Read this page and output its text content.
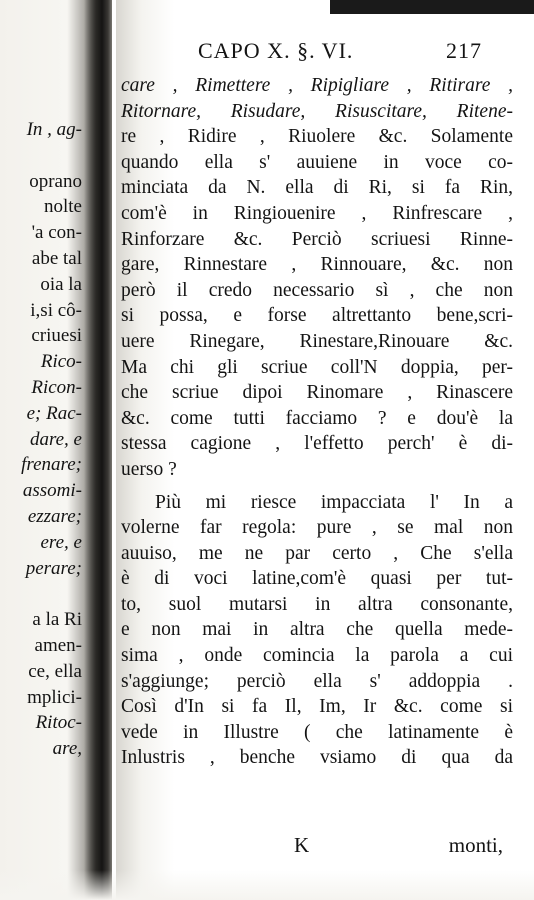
In , ag-
oprano
nolte
'a con-
abe tal
oia la
i,si cô-
criuesi
Rico-
Ricon-
e; Rac-
dare, e
frenare;
assomi-
ezzare;
ere, e
perare;
a la Ri
amen-
ce, ella
mplici-
Ritoc-
are,
CAPO X. §. VI.	217
care , Rimettere , Ripigliare , Ritirare ,
Ritornare, Risudare, Risuscitare, Ritene-
re , Ridire , Riuolere &c. Solamente
quando ella s' auuiene in voce co-
minciata da N. ella di Ri, si fa Rin,
com'è in Ringiouenire , Rinfrescare ,
Rinforzare &c. Perciò scriuesi Rinne-
gare, Rinnestare , Rinnouare, &c. non
però il credo necessario sì , che non
si possa, e forse altrettanto bene,scri-
uere Rinegare, Rinestare,Rinouare &c.
Ma chi gli scriue coll'N doppia, per-
che scriue dipoi Rinomare , Rinascere
&c. come tutti facciamo ? e dou'è la
stessa cagione , l'effetto perch' è di-
uerso ?
Più mi riesce impacciata l' In a
volerne far regola: pure , se mal non
auuiso, me ne par certo , Che s'ella
è di voci latine,com'è quasi per tut-
to, suol mutarsi in altra consonante,
e non mai in altra che quella mede-
sima , onde comincia la parola a cui
s'aggiunge; perciò ella s' addoppia .
Così d'In si fa Il, Im, Ir &c. come si
vede in Illustre ( che latinamente è
Inlustris , benche vsiamo di qua da
K	monti,
